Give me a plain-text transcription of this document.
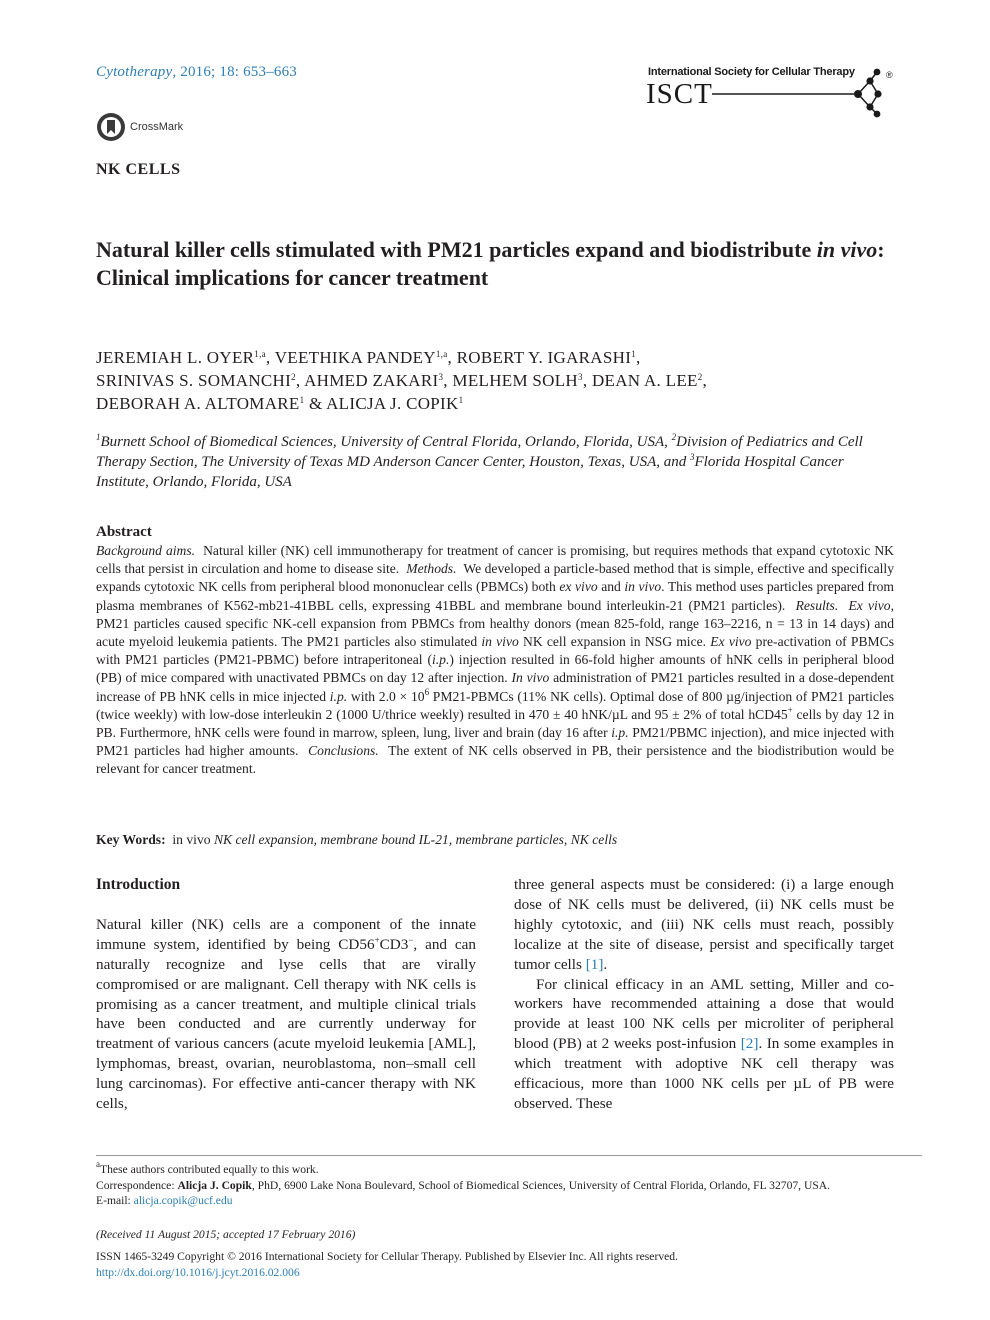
Cytotherapy, 2016; 18: 653–663	International Society for Cellular Therapy
ISCT
®
CrossMark
NK CELLS
Natural killer cells stimulated with PM21 particles expand and biodistribute in vivo: Clinical implications for cancer treatment
JEREMIAH L. OYER$^{1,a}$, VEETHIKA PANDEY$^{1,a}$, ROBERT Y. IGARASHI$^1$,
SRINIVAS S. SOMANCHI$^2$, AHMED ZAKARI$^3$, MELHEM SOLH$^3$, DEAN A. LEE$^2$,
DEBORAH A. ALTOMARE$^1$ & ALICJA J. COPIK$^1$
$^1$Burnett School of Biomedical Sciences, University of Central Florida, Orlando, Florida, USA, $^2$Division of Pediatrics and Cell Therapy Section, The University of Texas MD Anderson Cancer Center, Houston, Texas, USA, and $^3$Florida Hospital Cancer Institute, Orlando, Florida, USA
Abstract
Background aims. Natural killer (NK) cell immunotherapy for treatment of cancer is promising, but requires methods that expand cytotoxic NK cells that persist in circulation and home to disease site. Methods. We developed a particle-based method that is simple, effective and specifically expands cytotoxic NK cells from peripheral blood mononuclear cells (PBMCs) both ex vivo and in vivo. This method uses particles prepared from plasma membranes of K562-mb21-41BBL cells, expressing 41BBL and membrane bound interleukin-21 (PM21 particles). Results. Ex vivo, PM21 particles caused specific NK-cell expansion from PBMCs from healthy donors (mean 825-fold, range 163–2216, n = 13 in 14 days) and acute myeloid leukemia patients. The PM21 particles also stimulated in vivo NK cell expansion in NSG mice. Ex vivo pre-activation of PBMCs with PM21 particles (PM21-PBMC) before intraperitoneal (i.p.) injection resulted in 66-fold higher amounts of hNK cells in peripheral blood (PB) of mice compared with unactivated PBMCs on day 12 after injection. In vivo administration of PM21 particles resulted in a dose-dependent increase of PB hNK cells in mice injected i.p. with $2.0 \times 10^6$ PM21-PBMCs (11% NK cells). Optimal dose of 800 µg/injection of PM21 particles (twice weekly) with low-dose interleukin 2 (1000 U/thrice weekly) resulted in 470 ± 40 hNK/µL and 95 ± 2% of total hCD45+ cells by day 12 in PB. Furthermore, hNK cells were found in marrow, spleen, lung, liver and brain (day 16 after i.p. PM21/PBMC injection), and mice injected with PM21 particles had higher amounts. Conclusions. The extent of NK cells observed in PB, their persistence and the biodistribution would be relevant for cancer treatment.
Key Words: in vivo NK cell expansion, membrane bound IL-21, membrane particles, NK cells
Introduction

Natural killer (NK) cells are a component of the innate immune system, identified by being CD56+CD3−, and can naturally recognize and lyse cells that are virally compromised or are malignant. Cell therapy with NK cells is promising as a cancer treatment, and multiple clinical trials have been conducted and are currently underway for treatment of various cancers (acute myeloid leukemia [AML], lymphomas, breast, ovarian, neuroblastoma, non–small cell lung carcinomas). For effective anti-cancer therapy with NK cells,

three general aspects must be considered: (i) a large enough dose of NK cells must be delivered, (ii) NK cells must be highly cytotoxic, and (iii) NK cells must reach, possibly localize at the site of disease, persist and specifically target tumor cells [1].

For clinical efficacy in an AML setting, Miller and co-workers have recommended attaining a dose that would provide at least 100 NK cells per microliter of peripheral blood (PB) at 2 weeks post-infusion [2]. In some examples in which treatment with adoptive NK cell therapy was efficacious, more than 1000 NK cells per µL of PB were observed. These

$^a$These authors contributed equally to this work.
Correspondence: Alicja J. Copik, PhD, 6900 Lake Nona Boulevard, School of Biomedical Sciences, University of Central Florida, Orlando, FL 32707, USA.
E-mail: alicja.copik@ucf.edu
(Received 11 August 2015; accepted 17 February 2016)
ISSN 1465-3249 Copyright © 2016 International Society for Cellular Therapy. Published by Elsevier Inc. All rights reserved.
http://dx.doi.org/10.1016/j.jcyt.2016.02.006
